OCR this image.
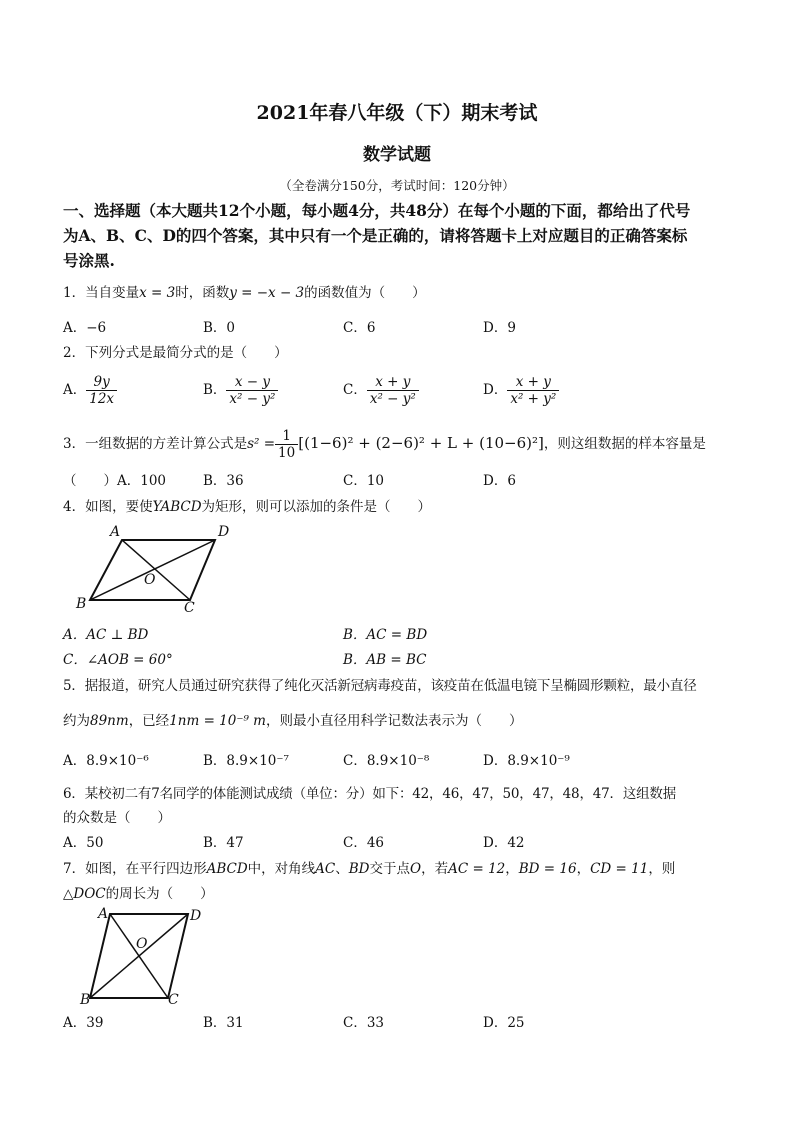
2021年春八年级（下）期末考试
数学试题
（全卷满分150分，考试时间：120分钟）
一、选择题（本大题共12个小题，每小题4分，共48分）在每个小题的下面，都给出了代号
为A、B、C、D的四个答案，其中只有一个是正确的，请将答题卡上对应题目的正确答案标
号涂黑.
1．当自变量x = 3时，函数y = −x − 3的函数值为（　　）
A．−6	B．0	C．6	D．9
2．下列分式是最简分式的是（　　）
A． $\frac{9y}{12x}$	B． $\frac{x - y}{\text{x² − y²}}$	C． $\frac{x + y}{\text{x² − y²}}$	D． $\frac{x + y}{\text{x² + y²}}$
3．一组数据的方差计算公式是$s^2 = \frac{1}{10} [(1-6)^2 + (2-6)^2 + L + (10-6)^2]$，则这组数据的样本容量是
（　　）A．100	B．36	C．10	D．6
4．如图，要使YABCD为矩形，则可以添加的条件是（　　）
A	D
B	C
O
A．AC ⊥ BD	B．AC = BD
C．∠AOB = 60°	B．AB = BC
5．据报道，研究人员通过研究获得了纯化灭活新冠病毒疫苗，该疫苗在低温电镜下呈椭圆形颗粒，最小直径
约为89nm，已经1nm = 10⁻⁹ m，则最小直径用科学记数法表示为（　　）
A．8.9×10⁻⁶	B．8.9×10⁻⁷	C．8.9×10⁻⁸	D．8.9×10⁻⁹
6．某校初二有7名同学的体能测试成绩（单位：分）如下：42，46，47，50，47，48，47．这组数据
的众数是（　　）
A．50	B．47	C．46	D．42
7．如图，在平行四边形ABCD中，对角线AC、BD交于点O，若AC = 12，BD = 16，CD = 11，则
△DOC的周长为（　　）
A	D
B	C
O
A．39	B．31	C．33	D．25
